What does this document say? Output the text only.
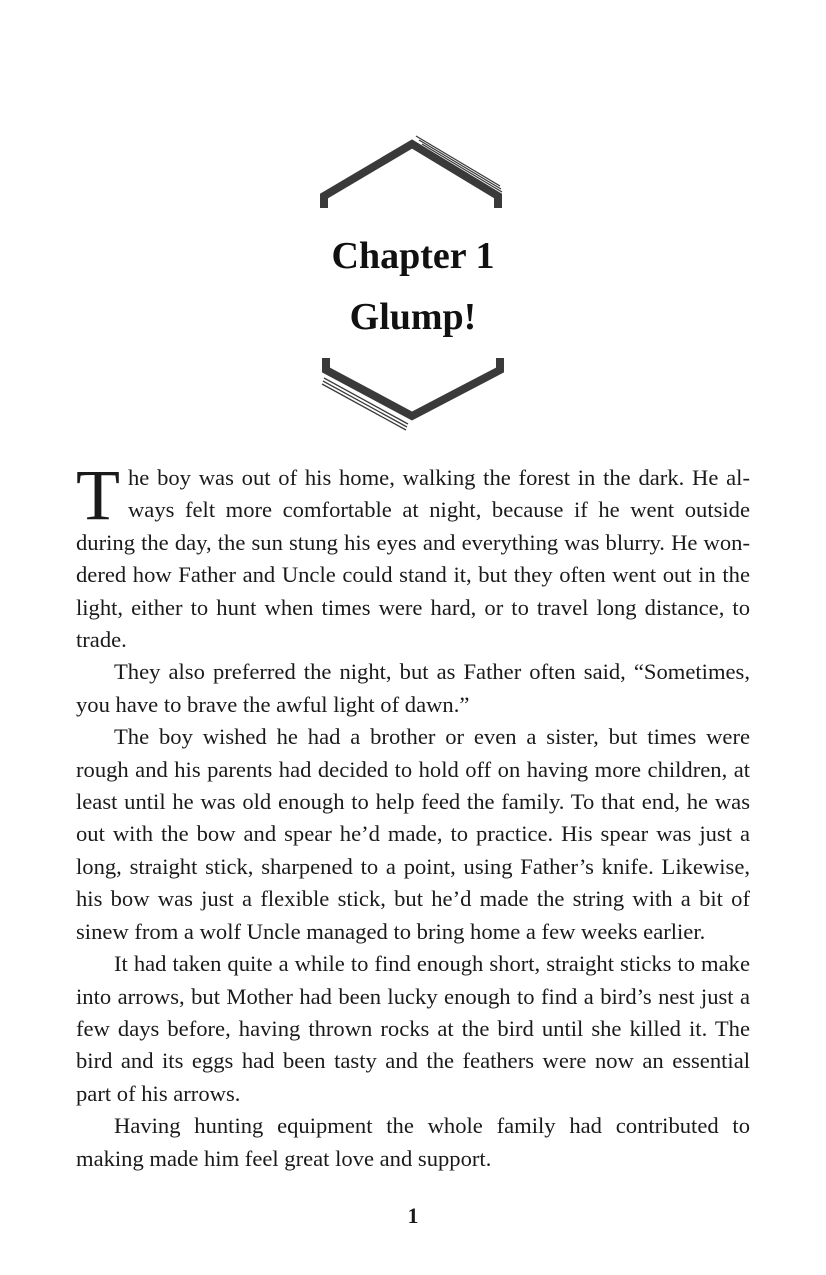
Chapter 1
Glump!

The boy was out of his home, walking the forest in the dark. He always felt more comfortable at night, because if he went outside during the day, the sun stung his eyes and everything was blurry. He wondered how Father and Uncle could stand it, but they often went out in the light, either to hunt when times were hard, or to travel long distance, to trade.

They also preferred the night, but as Father often said, “Sometimes, you have to brave the awful light of dawn.”

The boy wished he had a brother or even a sister, but times were rough and his parents had decided to hold off on having more children, at least until he was old enough to help feed the family. To that end, he was out with the bow and spear he’d made, to practice. His spear was just a long, straight stick, sharpened to a point, using Father’s knife. Likewise, his bow was just a flexible stick, but he’d made the string with a bit of sinew from a wolf Uncle managed to bring home a few weeks earlier.

It had taken quite a while to find enough short, straight sticks to make into arrows, but Mother had been lucky enough to find a bird’s nest just a few days before, having thrown rocks at the bird until she killed it. The bird and its eggs had been tasty and the feathers were now an essential part of his arrows.

Having hunting equipment the whole family had contributed to making made him feel great love and support.

1
